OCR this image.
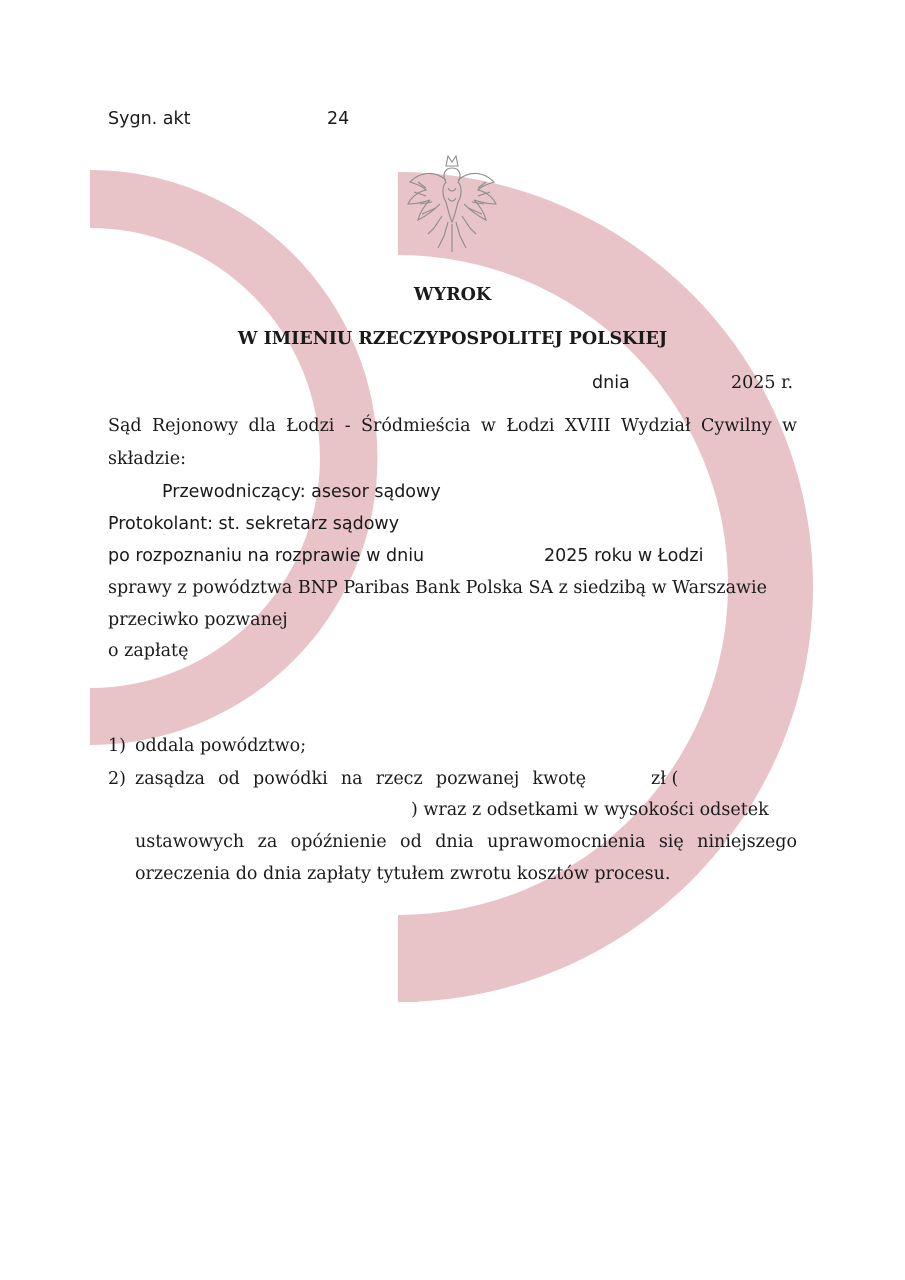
Sygn. akt	24
WYROK
W IMIENIU RZECZYPOSPOLITEJ POLSKIEJ
dnia	2025 r.
Sąd Rejonowy dla Łodzi - Śródmieścia w Łodzi XVIII Wydział Cywilny w
składzie:
Przewodniczący: asesor sądowy
Protokolant: st. sekretarz sądowy
po rozpoznaniu na rozprawie w dniu	2025 roku w Łodzi
sprawy z powództwa BNP Paribas Bank Polska SA z siedzibą w Warszawie
przeciwko pozwanej
o zapłatę
1) oddala powództwo;
2) zasądza od powódki na rzecz pozwanej kwotę	zł (
) wraz z odsetkami w wysokości odsetek
ustawowych za opóźnienie od dnia uprawomocnienia się niniejszego
orzeczenia do dnia zapłaty tytułem zwrotu kosztów procesu.
